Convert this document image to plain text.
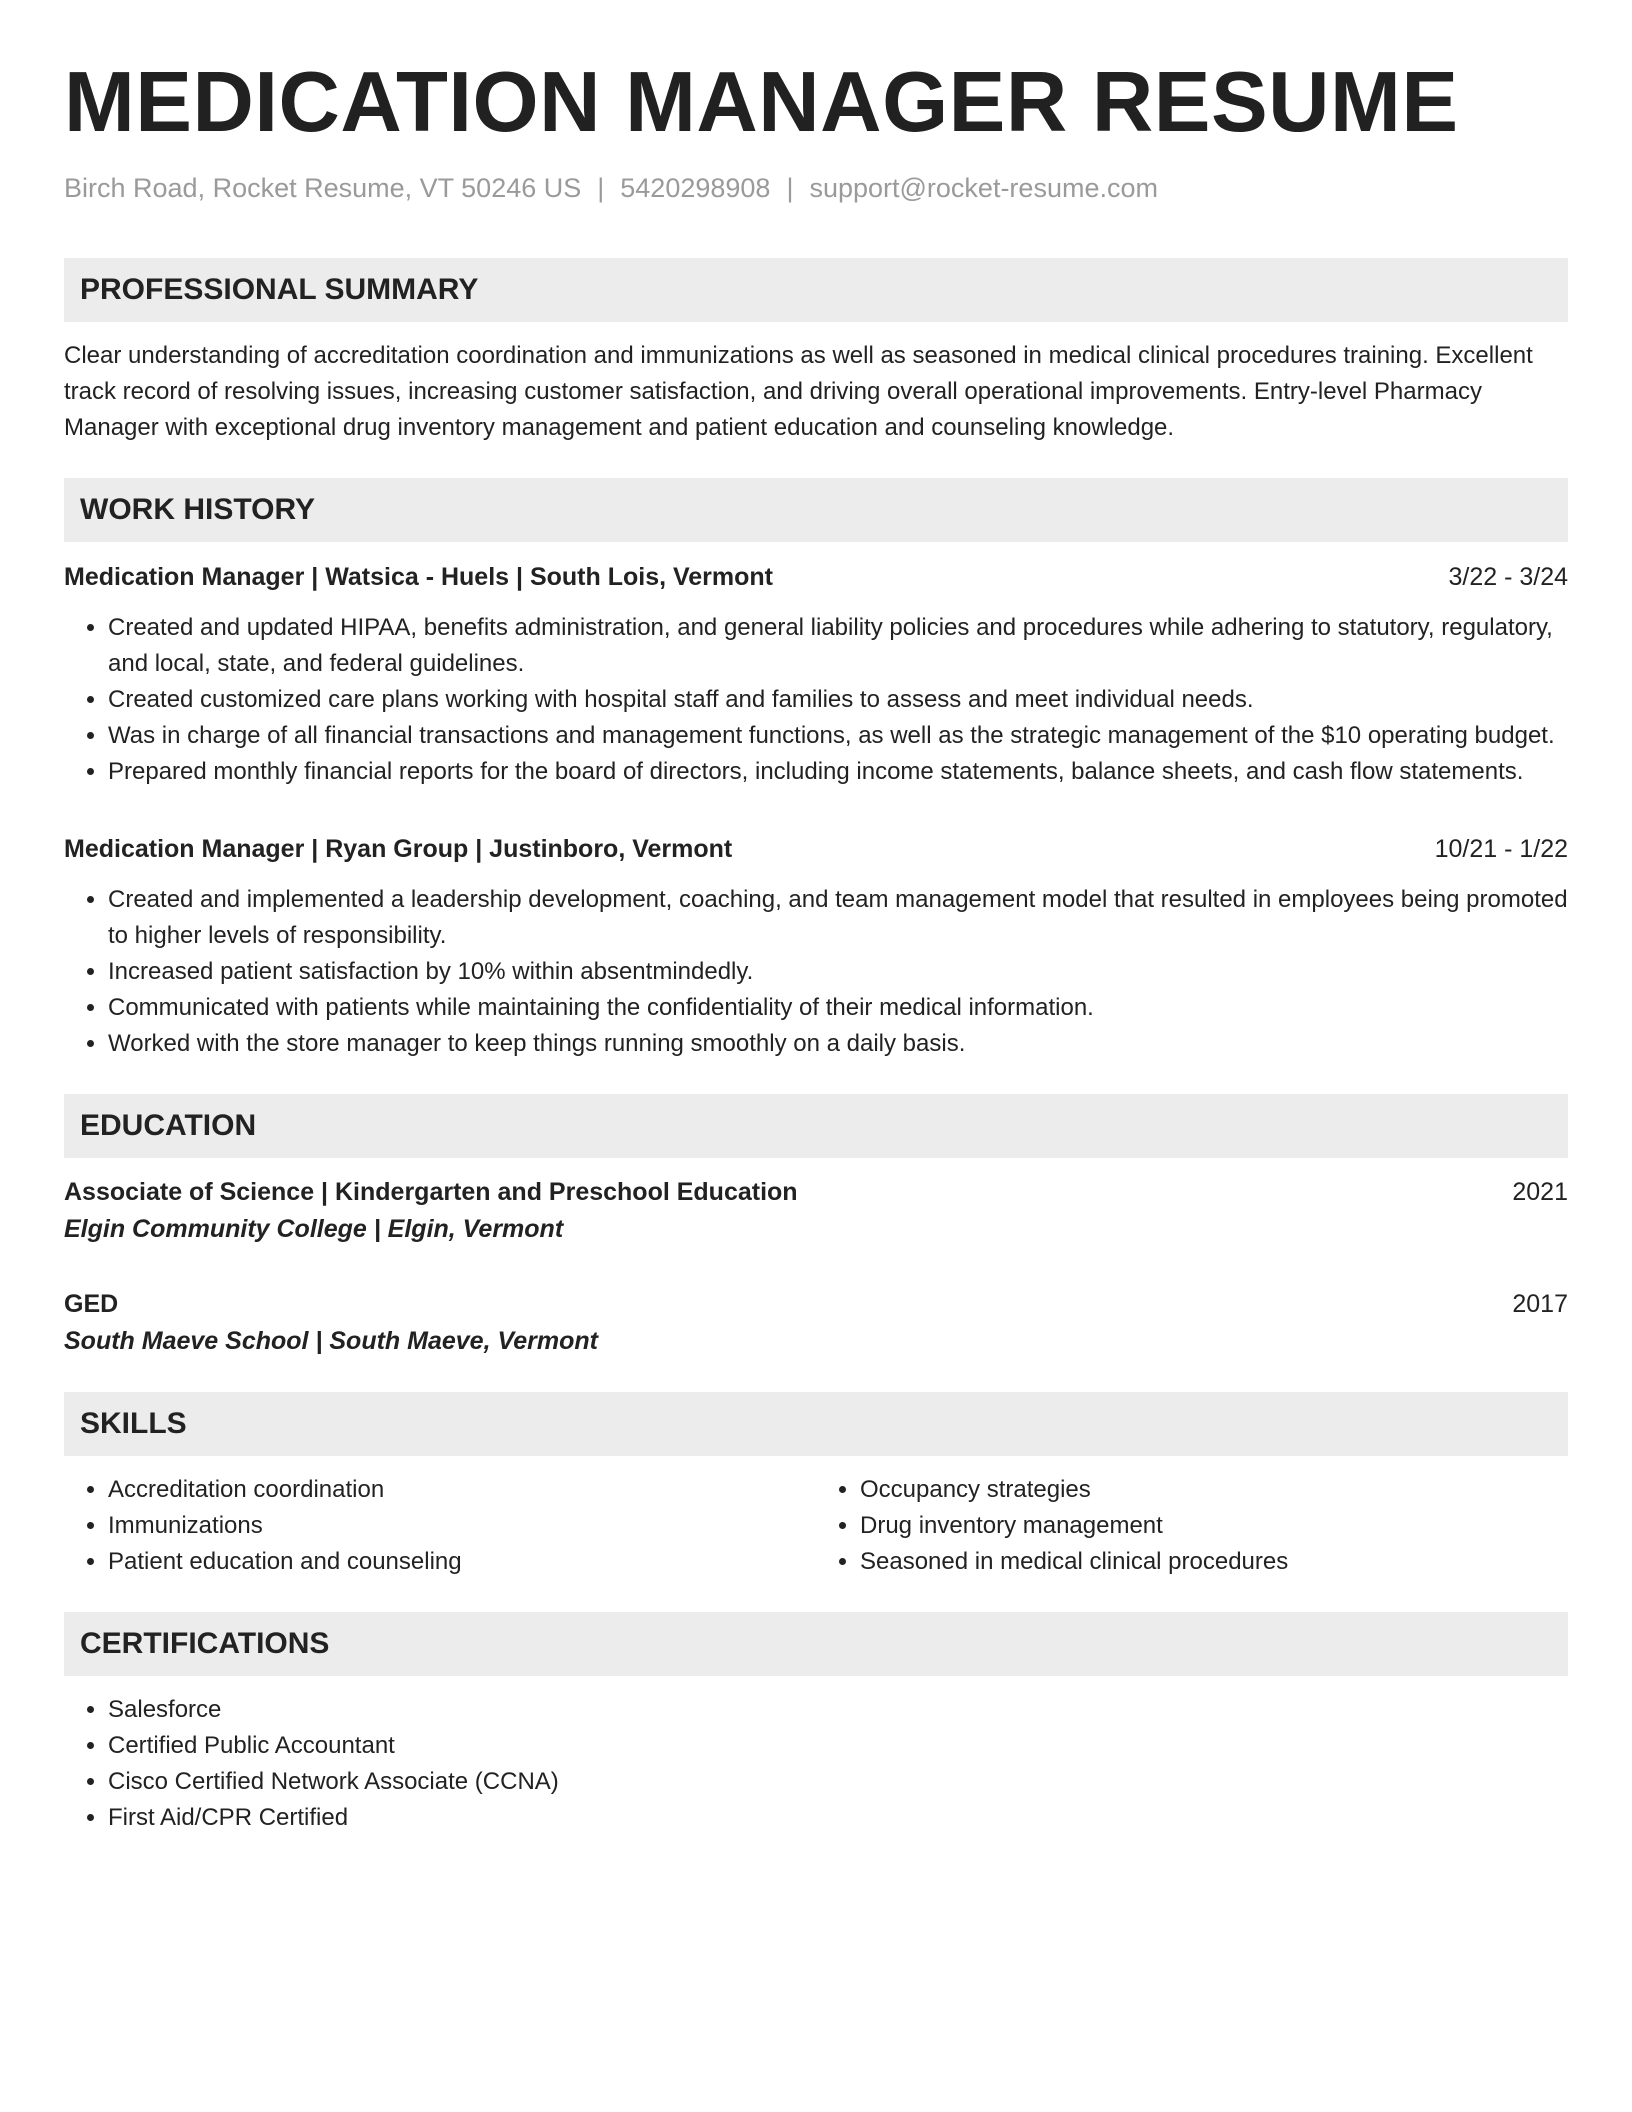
MEDICATION MANAGER RESUME
Birch Road, Rocket Resume, VT 50246 US | 5420298908 | support@rocket-resume.com
PROFESSIONAL SUMMARY
Clear understanding of accreditation coordination and immunizations as well as seasoned in medical clinical procedures training. Excellent track record of resolving issues, increasing customer satisfaction, and driving overall operational improvements. Entry-level Pharmacy Manager with exceptional drug inventory management and patient education and counseling knowledge.
WORK HISTORY
Medication Manager | Watsica - Huels | South Lois, Vermont	3/22 - 3/24
• Created and updated HIPAA, benefits administration, and general liability policies and procedures while adhering to statutory, regulatory, and local, state, and federal guidelines.
• Created customized care plans working with hospital staff and families to assess and meet individual needs.
• Was in charge of all financial transactions and management functions, as well as the strategic management of the $10 operating budget.
• Prepared monthly financial reports for the board of directors, including income statements, balance sheets, and cash flow statements.
Medication Manager | Ryan Group | Justinboro, Vermont	10/21 - 1/22
• Created and implemented a leadership development, coaching, and team management model that resulted in employees being promoted to higher levels of responsibility.
• Increased patient satisfaction by 10% within absentmindedly.
• Communicated with patients while maintaining the confidentiality of their medical information.
• Worked with the store manager to keep things running smoothly on a daily basis.
EDUCATION
Associate of Science | Kindergarten and Preschool Education	2021
Elgin Community College | Elgin, Vermont
GED	2017
South Maeve School | South Maeve, Vermont
SKILLS
• Accreditation coordination
• Immunizations
• Patient education and counseling
• Occupancy strategies
• Drug inventory management
• Seasoned in medical clinical procedures
CERTIFICATIONS
• Salesforce
• Certified Public Accountant
• Cisco Certified Network Associate (CCNA)
• First Aid/CPR Certified
